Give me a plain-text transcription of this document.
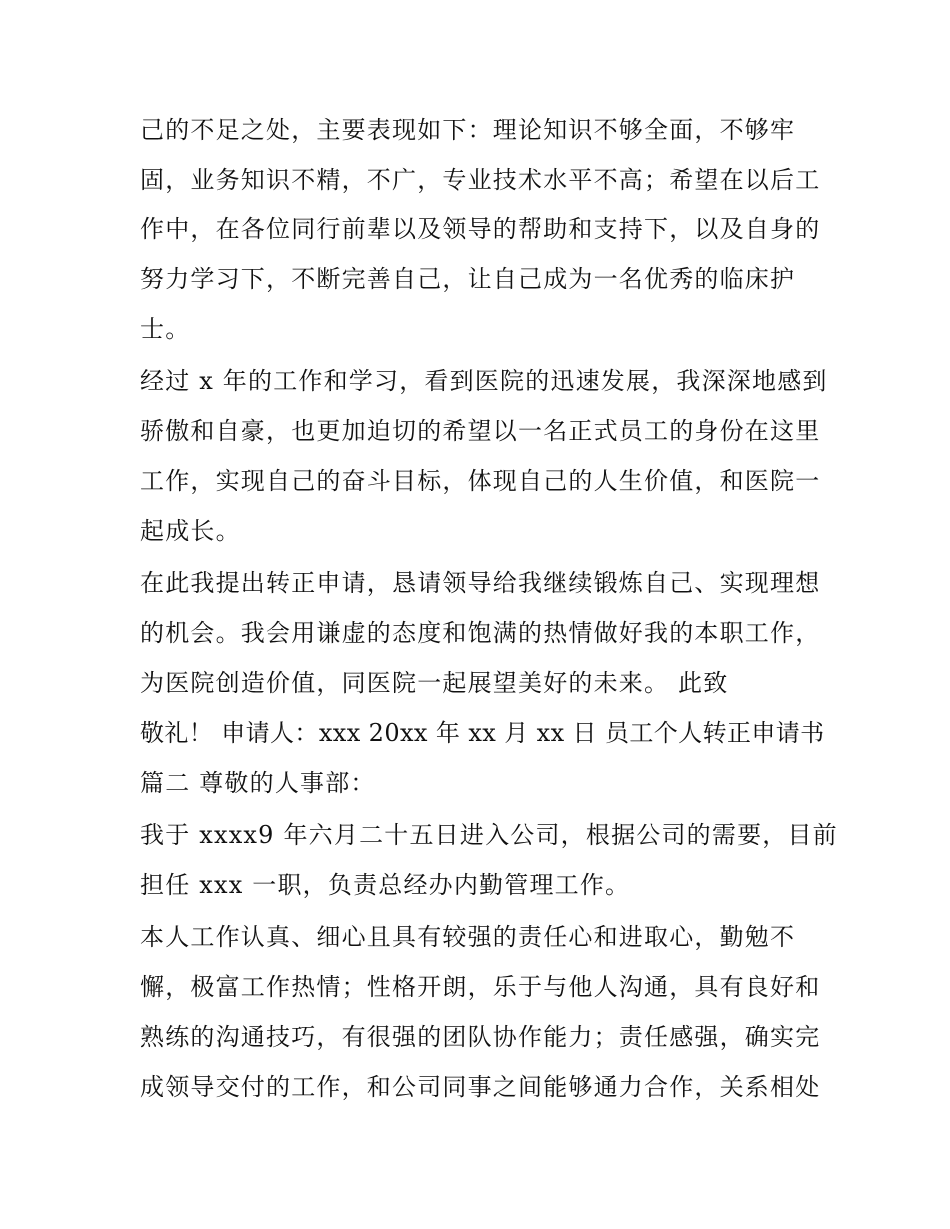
己的不足之处，主要表现如下：理论知识不够全面，不够牢
固，业务知识不精，不广，专业技术水平不高；希望在以后工
作中，在各位同行前辈以及领导的帮助和支持下，以及自身的
努力学习下，不断完善自己，让自己成为一名优秀的临床护
士。
经过 x 年的工作和学习，看到医院的迅速发展，我深深地感到
骄傲和自豪，也更加迫切的希望以一名正式员工的身份在这里
工作，实现自己的奋斗目标，体现自己的人生价值，和医院一
起成长。
在此我提出转正申请，恳请领导给我继续锻炼自己、实现理想
的机会。我会用谦虚的态度和饱满的热情做好我的本职工作，
为医院创造价值，同医院一起展望美好的未来。 此致
敬礼！ 申请人：xxx 20xx 年 xx 月 xx 日 员工个人转正申请书
篇二 尊敬的人事部：
我于 xxxx9 年六月二十五日进入公司，根据公司的需要，目前
担任 xxx 一职，负责总经办内勤管理工作。
本人工作认真、细心且具有较强的责任心和进取心，勤勉不
懈，极富工作热情；性格开朗，乐于与他人沟通，具有良好和
熟练的沟通技巧，有很强的团队协作能力；责任感强，确实完
成领导交付的工作，和公司同事之间能够通力合作，关系相处
